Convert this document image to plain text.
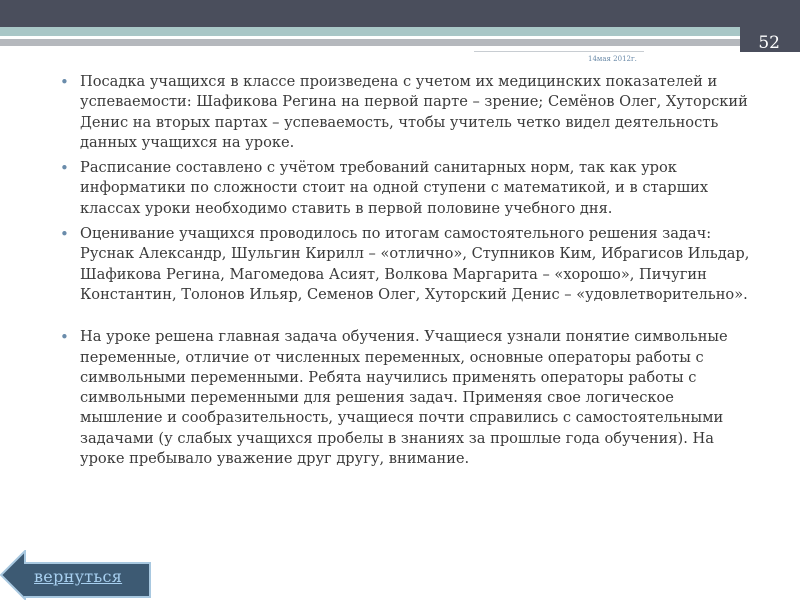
52
14мая 2012г.
• Посадка учащихся в классе произведена с учетом их медицинских показателей и успеваемости: Шафикова Регина на первой парте – зрение; Семёнов Олег, Хуторский Денис на вторых партах – успеваемость, чтобы учитель четко видел деятельность данных учащихся на уроке.
• Расписание составлено с учётом требований санитарных норм, так как урок информатики по сложности стоит на одной ступени с математикой, и в старших классах уроки необходимо ставить в первой половине учебного дня.
• Оценивание учащихся проводилось по итогам самостоятельного решения задач: Руснак Александр, Шульгин Кирилл – «отлично», Ступников Ким, Ибрагисов Ильдар, Шафикова Регина, Магомедова Асият, Волкова Маргарита – «хорошо», Пичугин Константин, Толонов Ильяр, Семенов Олег, Хуторский Денис – «удовлетворительно».
• На уроке решена главная задача обучения. Учащиеся узнали понятие символьные переменные, отличие от численных переменных, основные операторы работы с символьными переменными. Ребята научились применять операторы работы с символьными переменными для решения задач. Применяя свое логическое мышление и сообразительность, учащиеся почти справились с самостоятельными задачами (у слабых учащихся пробелы в знаниях за прошлые года обучения). На уроке пребывало уважение друг другу, внимание.
вернуться
